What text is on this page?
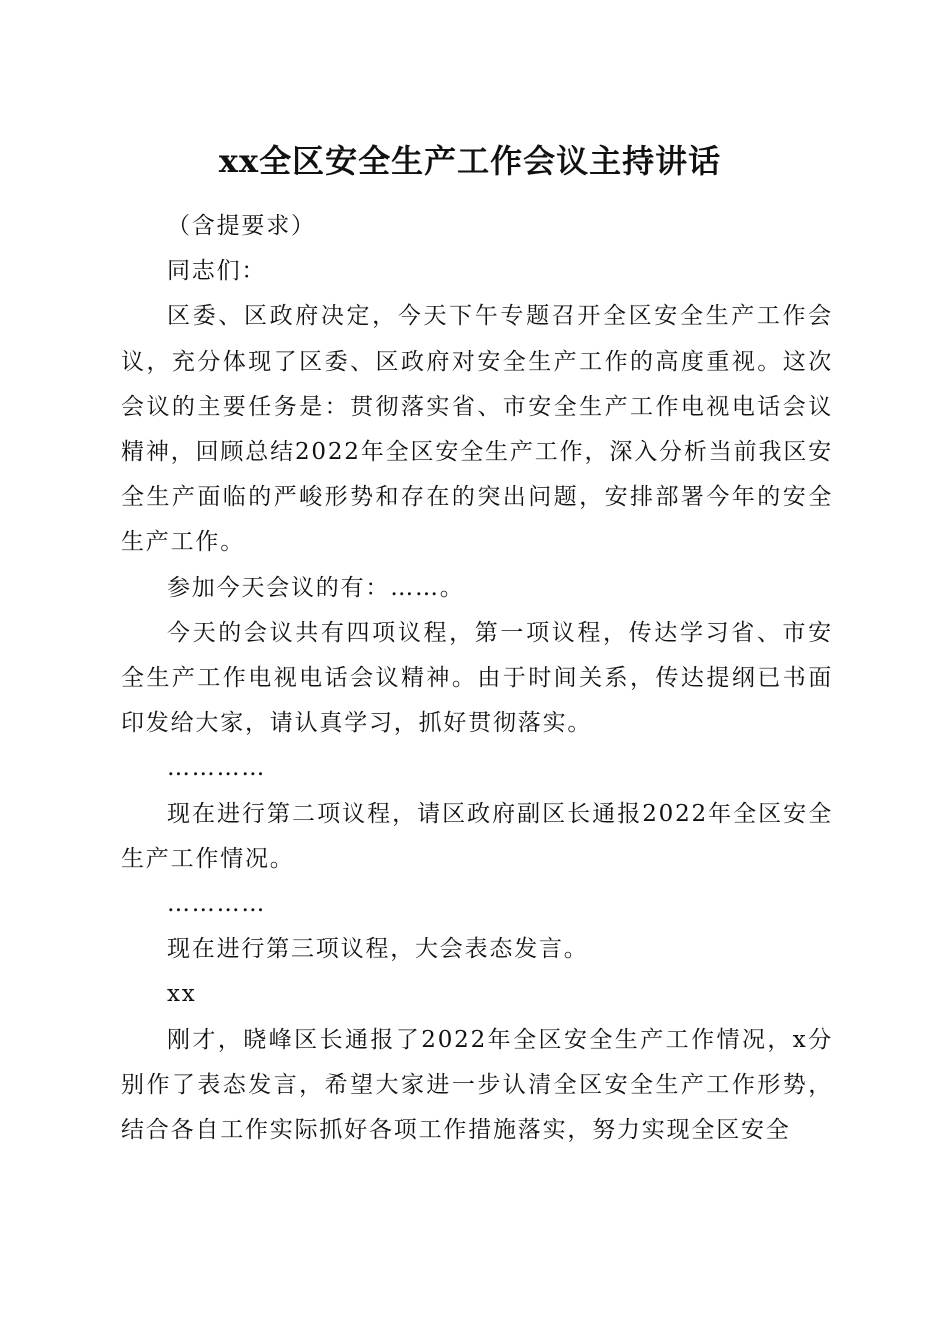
xx全区安全生产工作会议主持讲话

（含提要求）

同志们：

区委、区政府决定，今天下午专题召开全区安全生产工作会议，充分体现了区委、区政府对安全生产工作的高度重视。这次会议的主要任务是：贯彻落实省、市安全生产工作电视电话会议精神，回顾总结2022年全区安全生产工作，深入分析当前我区安全生产面临的严峻形势和存在的突出问题，安排部署今年的安全生产工作。

参加今天会议的有：……。

今天的会议共有四项议程，第一项议程，传达学习省、市安全生产工作电视电话会议精神。由于时间关系，传达提纲已书面印发给大家，请认真学习，抓好贯彻落实。

…………

现在进行第二项议程，请区政府副区长通报2022年全区安全生产工作情况。

…………

现在进行第三项议程，大会表态发言。

xx

刚才，晓峰区长通报了2022年全区安全生产工作情况，x分别作了表态发言，希望大家进一步认清全区安全生产工作形势，结合各自工作实际抓好各项工作措施落实，努力实现全区安全
